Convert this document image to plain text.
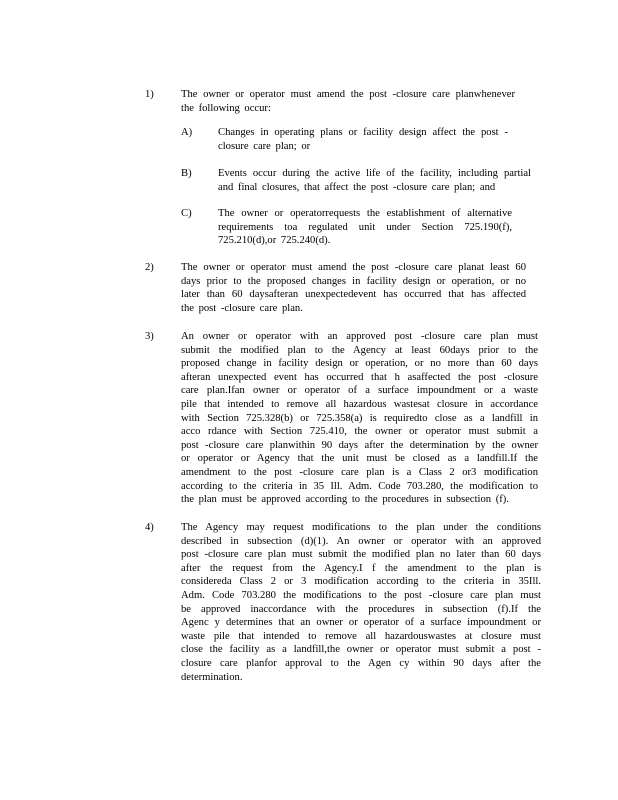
1)	The owner or operator must amend the post -closure care planwhenever
the following occur:
A)	Changes in operating plans or facility design affect the post -
closure care plan; or
B)	Events occur during the active life of the facility, including partial
and final closures, that affect the post -closure care plan; and
C)	The owner or operatorrequests the establishment of alternative
requirements toa regulated unit under Section 725.190(f),
725.210(d),or 725.240(d).
2)	The owner or operator must amend the post -closure care planat least 60
days prior to the proposed changes in facility design or operation, or no
later than 60 daysafteran unexpectedevent has occurred that has affected
the post -closure care plan.
3)	An owner or operator with an approved post -closure care plan must
submit the modified plan to the Agency at least 60days prior to the
proposed change in facility design or operation, or no more than 60 days
afteran unexpected event has occurred that h asaffected the post -closure
care plan.Ifan owner or operator of a surface impoundment or a waste
pile that intended to remove all hazardous wastesat closure in accordance
with Section 725.328(b) or 725.358(a) is requiredto close as a landfill in
acco rdance with Section 725.410, the owner or operator must submit a
post -closure care planwithin 90 days after the determination by the owner
or operator or Agency that the unit must be closed as a landfill.If the
amendment to the post -closure care plan is a Class 2 or3 modification
according to the criteria in 35 Ill. Adm. Code 703.280, the modification to
the plan must be approved according to the procedures in subsection (f).
4)	The Agency may request modifications to the plan under the conditions
described in subsection (d)(1). An owner or operator with an approved
post -closure care plan must submit the modified plan no later than 60 days
after the request from the Agency.I f the amendment to the plan is
considereda Class 2 or 3 modification according to the criteria in 35Ill.
Adm. Code 703.280 the modifications to the post -closure care plan must
be approved inaccordance with the procedures in subsection (f).If the
Agenc y determines that an owner or operator of a surface impoundment or
waste pile that intended to remove all hazardouswastes at closure must
close the facility as a landfill,the owner or operator must submit a post -
closure care planfor approval to the Agen cy within 90 days after the
determination.
